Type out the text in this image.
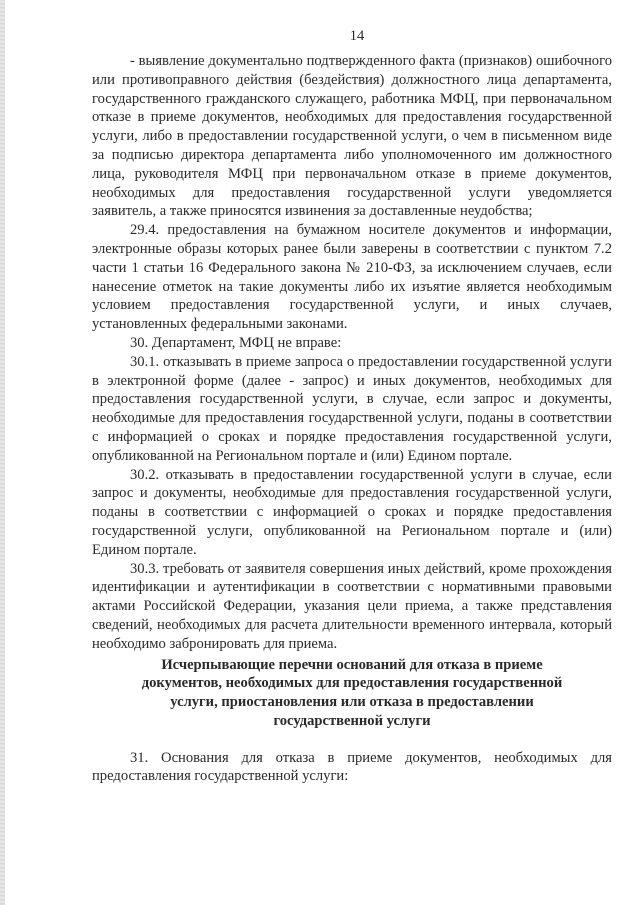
14

- выявление документально подтвержденного факта (признаков) ошибочного или противоправного действия (бездействия) должностного лица департамента, государственного гражданского служащего, работника МФЦ, при первоначальном отказе в приеме документов, необходимых для предоставления государственной услуги, либо в предоставлении государственной услуги, о чем в письменном виде за подписью директора департамента либо уполномоченного им должностного лица, руководителя МФЦ при первоначальном отказе в приеме документов, необходимых для предоставления государственной услуги уведомляется заявитель, а также приносятся извинения за доставленные неудобства;

29.4. предоставления на бумажном носителе документов и информации, электронные образы которых ранее были заверены в соответствии с пунктом 7.2 части 1 статьи 16 Федерального закона № 210-ФЗ, за исключением случаев, если нанесение отметок на такие документы либо их изъятие является необходимым условием предоставления государственной услуги, и иных случаев, установленных федеральными законами.

30. Департамент, МФЦ не вправе:

30.1. отказывать в приеме запроса о предоставлении государственной услуги в электронной форме (далее - запрос) и иных документов, необходимых для предоставления государственной услуги, в случае, если запрос и документы, необходимые для предоставления государственной услуги, поданы в соответствии с информацией о сроках и порядке предоставления государственной услуги, опубликованной на Региональном портале и (или) Едином портале.

30.2. отказывать в предоставлении государственной услуги в случае, если запрос и документы, необходимые для предоставления государственной услуги, поданы в соответствии с информацией о сроках и порядке предоставления государственной услуги, опубликованной на Региональном портале и (или) Едином портале.

30.3. требовать от заявителя совершения иных действий, кроме прохождения идентификации и аутентификации в соответствии с нормативными правовыми актами Российской Федерации, указания цели приема, а также представления сведений, необходимых для расчета длительности временного интервала, который необходимо забронировать для приема.

Исчерпывающие перечни оснований для отказа в приеме
документов, необходимых для предоставления государственной
услуги, приостановления или отказа в предоставлении
государственной услуги

31. Основания для отказа в приеме документов, необходимых для предоставления государственной услуги:
